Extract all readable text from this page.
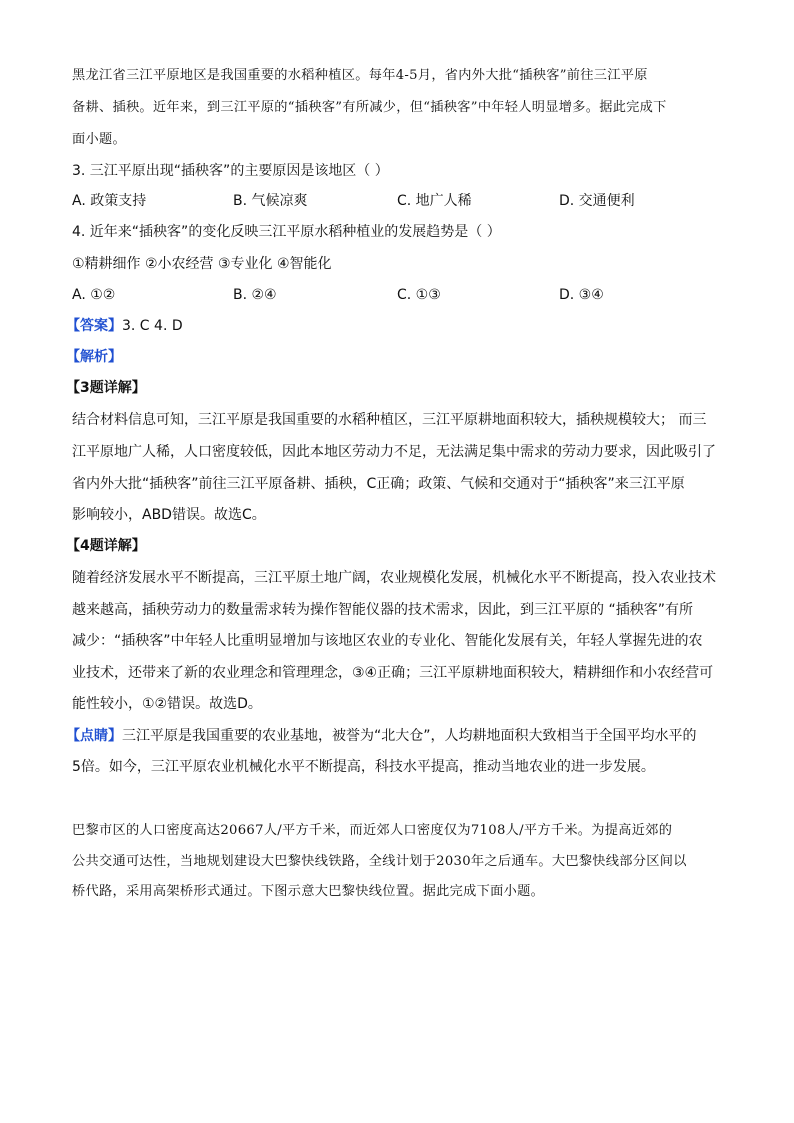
黑龙江省三江平原地区是我国重要的水稻种植区。每年4-5月，省内外大批“插秧客”前往三江平原
备耕、插秧。近年来，到三江平原的“插秧客”有所减少，但“插秧客”中年轻人明显增多。据此完成下
面小题。
3. 三江平原出现“插秧客”的主要原因是该地区（ ）
A. 政策支持	B. 气候凉爽	C. 地广人稀	D. 交通便利
4. 近年来“插秧客”的变化反映三江平原水稻种植业的发展趋势是（ ）
①精耕细作 ②小农经营 ③专业化 ④智能化
A. ①②	B. ②④	C. ①③	D. ③④
【答案】3. C 4. D
【解析】
【3题详解】
结合材料信息可知，三江平原是我国重要的水稻种植区，三江平原耕地面积较大，插秧规模较大； 而三
江平原地广人稀，人口密度较低，因此本地区劳动力不足，无法满足集中需求的劳动力要求，因此吸引了
省内外大批“插秧客”前往三江平原备耕、插秧，C正确；政策、气候和交通对于“插秧客”来三江平原
影响较小，ABD错误。故选C。
【4题详解】
随着经济发展水平不断提高，三江平原土地广阔，农业规模化发展，机械化水平不断提高，投入农业技术
越来越高，插秧劳动力的数量需求转为操作智能仪器的技术需求，因此，到三江平原的 “插秧客”有所
减少：“插秧客”中年轻人比重明显增加与该地区农业的专业化、智能化发展有关，年轻人掌握先进的农
业技术，还带来了新的农业理念和管理理念，③④正确；三江平原耕地面积较大，精耕细作和小农经营可
能性较小，①②错误。故选D。
【点睛】三江平原是我国重要的农业基地，被誉为“北大仓”，人均耕地面积大致相当于全国平均水平的
5倍。如今，三江平原农业机械化水平不断提高，科技水平提高，推动当地农业的进一步发展。
巴黎市区的人口密度高达20667人/平方千米，而近郊人口密度仅为7108人/平方千米。为提高近郊的
公共交通可达性，当地规划建设大巴黎快线铁路，全线计划于2030年之后通车。大巴黎快线部分区间以
桥代路，采用高架桥形式通过。下图示意大巴黎快线位置。据此完成下面小题。
